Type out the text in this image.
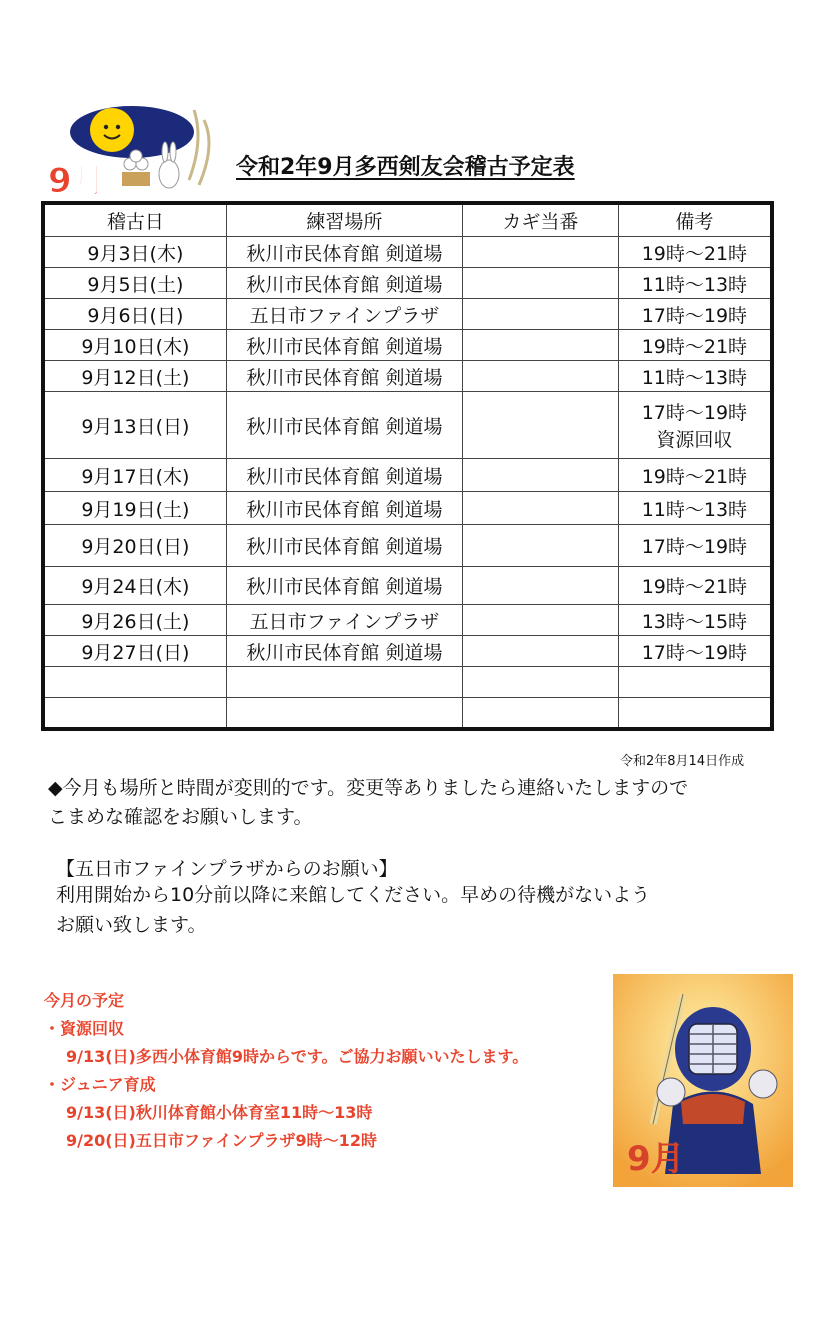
9月	令和2年9月多西剣友会稽古予定表
稽古日	練習場所	カギ当番	備考
9月3日(木)	秋川市民体育館 剣道場		19時～21時
9月5日(土)	秋川市民体育館 剣道場		11時～13時
9月6日(日)	五日市ファインプラザ		17時～19時
9月10日(木)	秋川市民体育館 剣道場		19時～21時
9月12日(土)	秋川市民体育館 剣道場		11時～13時
9月13日(日)	秋川市民体育館 剣道場		17時～19時
資源回収

9月17日(木)	秋川市民体育館 剣道場		19時～21時
9月19日(土)	秋川市民体育館 剣道場		11時～13時
9月20日(日)	秋川市民体育館 剣道場		17時～19時
9月24日(木)	秋川市民体育館 剣道場		19時～21時
9月26日(土)	五日市ファインプラザ		13時～15時
9月27日(日)	秋川市民体育館 剣道場		17時～19時

令和2年8月14日作成
◆今月も場所と時間が変則的です。変更等ありましたら連絡いたしますので
こまめな確認をお願いします。
【五日市ファインプラザからのお願い】
利用開始から10分前以降に来館してください。早めの待機がないよう
お願い致します。
今月の予定
・資源回収
9/13(日)多西小体育館9時からです。ご協力お願いいたします。
・ジュニア育成
9/13(日)秋川体育館小体育室11時～13時
9/20(日)五日市ファインプラザ9時～12時	9月
